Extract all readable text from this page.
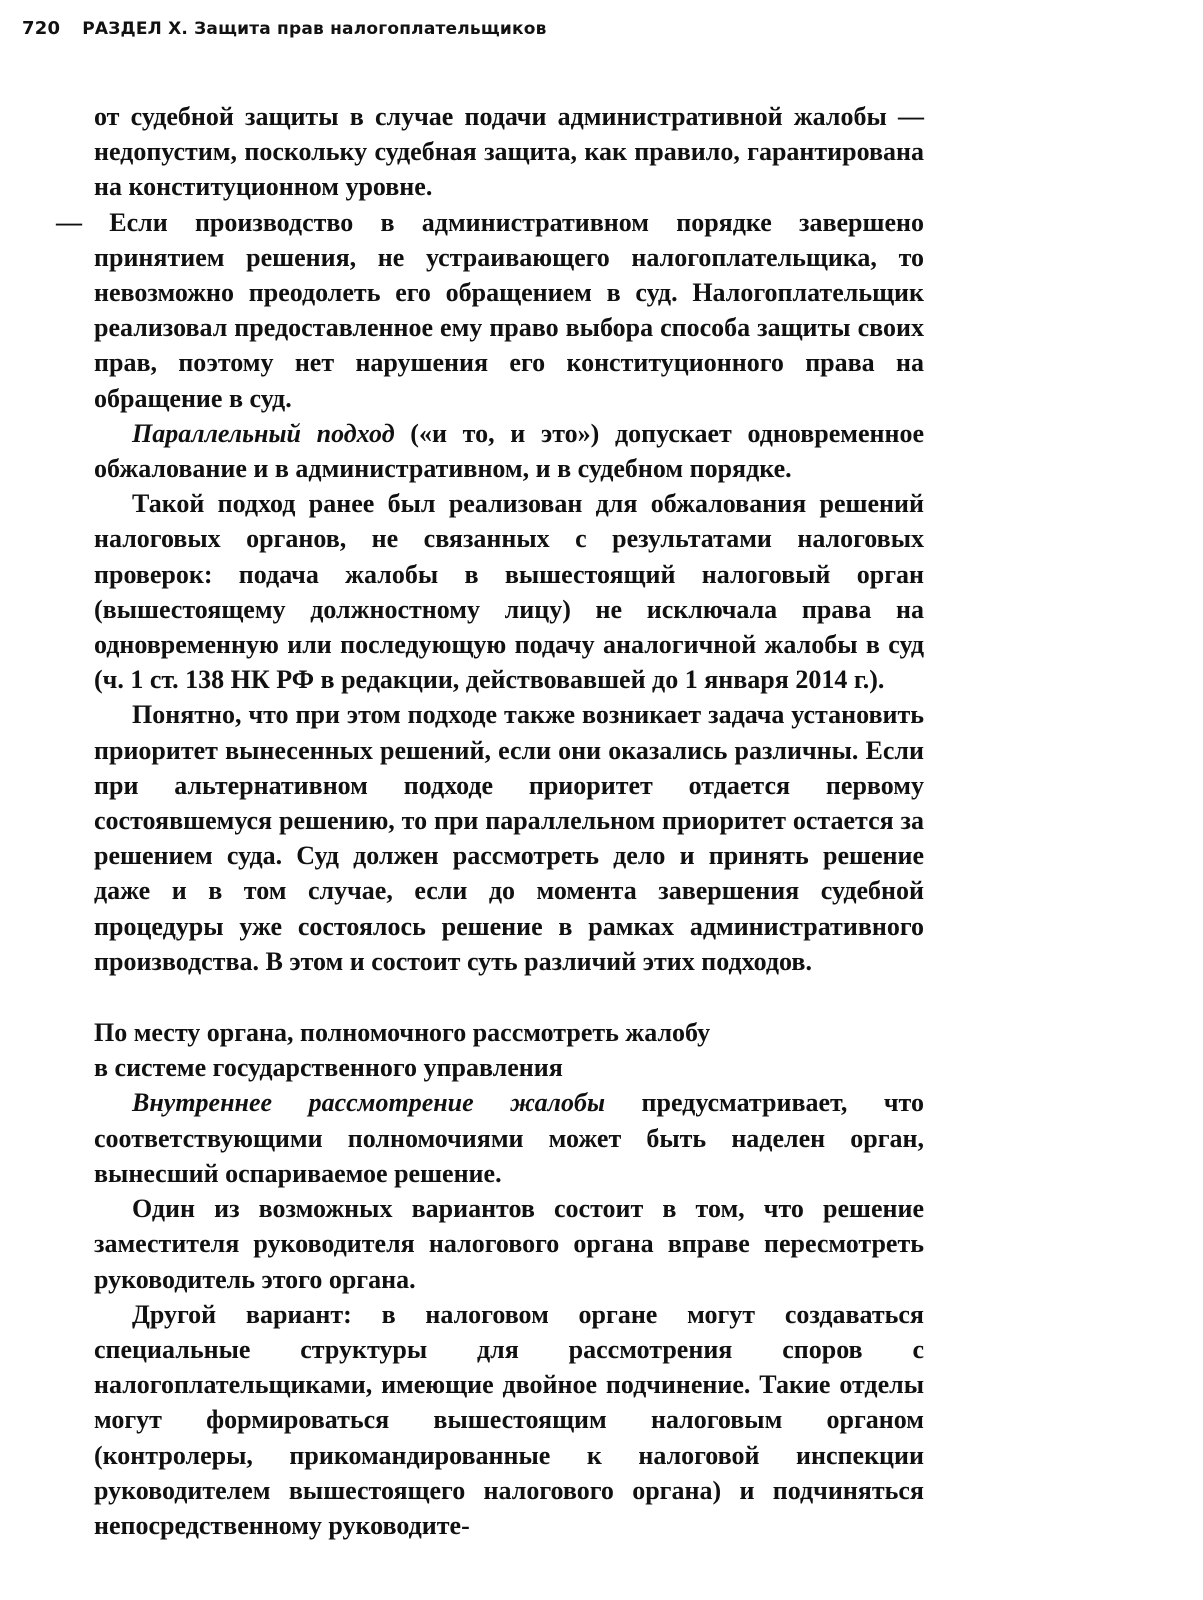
720 РАЗДЕЛ X. Защита прав налогоплательщиков

от судебной защиты в случае подачи административной жалобы — недопустим, поскольку судебная защита, как правило, гарантирована на конституционном уровне.

— Если производство в административном порядке завершено принятием решения, не устраивающего налогоплательщика, то невозможно преодолеть его обращением в суд. Налогоплательщик реализовал предоставленное ему право выбора способа защиты своих прав, поэтому нет нарушения его конституционного права на обращение в суд.

Параллельный подход («и то, и это») допускает одновременное обжалование и в административном, и в судебном порядке.

Такой подход ранее был реализован для обжалования решений налоговых органов, не связанных с результатами налоговых проверок: подача жалобы в вышестоящий налоговый орган (вышестоящему должностному лицу) не исключала права на одновременную или последующую подачу аналогичной жалобы в суд (ч. 1 ст. 138 НК РФ в редакции, действовавшей до 1 января 2014 г.).

Понятно, что при этом подходе также возникает задача установить приоритет вынесенных решений, если они оказались различны. Если при альтернативном подходе приоритет отдается первому состоявшемуся решению, то при параллельном приоритет остается за решением суда. Суд должен рассмотреть дело и принять решение даже и в том случае, если до момента завершения судебной процедуры уже состоялось решение в рамках административного производства. В этом и состоит суть различий этих подходов.

По месту органа, полномочного рассмотреть жалобу
в системе государственного управления

Внутреннее рассмотрение жалобы предусматривает, что соответствующими полномочиями может быть наделен орган, вынесший оспариваемое решение.

Один из возможных вариантов состоит в том, что решение заместителя руководителя налогового органа вправе пересмотреть руководитель этого органа.

Другой вариант: в налоговом органе могут создаваться специальные структуры для рассмотрения споров с налогоплательщиками, имеющие двойное подчинение. Такие отделы могут формироваться вышестоящим налоговым органом (контролеры, прикомандированные к налоговой инспекции руководителем вышестоящего налогового органа) и подчиняться непосредственному руководите-
